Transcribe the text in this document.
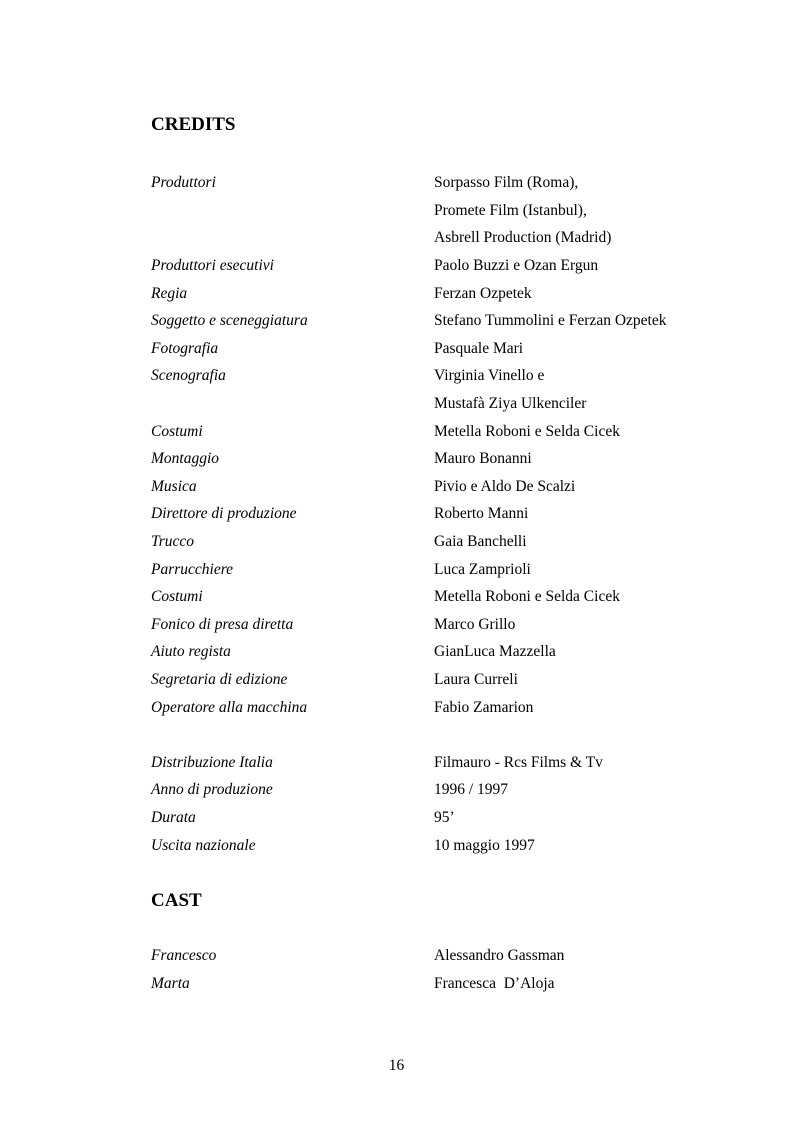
CREDITS
Produttori	Sorpasso Film (Roma),
Promete Film (Istanbul),
Asbrell Production (Madrid)
Produttori esecutivi	Paolo Buzzi e Ozan Ergun
Regia	Ferzan Ozpetek
Soggetto e sceneggiatura	Stefano Tummolini e Ferzan Ozpetek
Fotografia	Pasquale Mari
Scenografia	Virginia Vinello e
Mustafà Ziya Ulkenciler
Costumi	Metella Roboni e Selda Cicek
Montaggio	Mauro Bonanni
Musica	Pivio e Aldo De Scalzi
Direttore di produzione	Roberto Manni
Trucco	Gaia Banchelli
Parrucchiere	Luca Zamprioli
Costumi	Metella Roboni e Selda Cicek
Fonico di presa diretta	Marco Grillo
Aiuto regista	GianLuca Mazzella
Segretaria di edizione	Laura Curreli
Operatore alla macchina	Fabio Zamarion
Distribuzione Italia	Filmauro - Rcs Films & Tv
Anno di produzione	1996 / 1997
Durata	95’
Uscita nazionale	10 maggio 1997
CAST
Francesco	Alessandro Gassman
Marta	Francesca  D’Aloja
16
